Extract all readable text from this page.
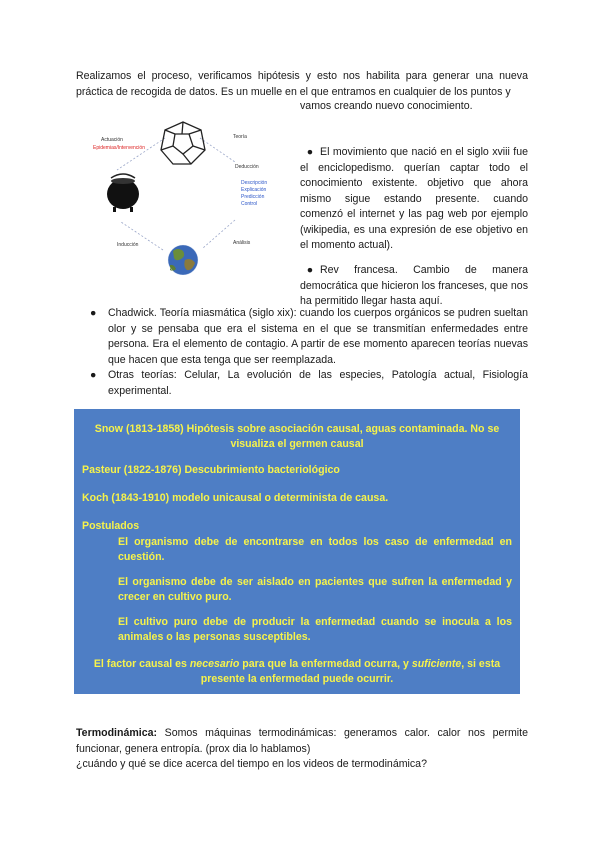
Realizamos el proceso, verificamos hipótesis y esto nos habilita para generar una nueva práctica de recogida de datos. Es un muelle en el que entramos en cualquier de los puntos y
vamos creando nuevo conocimiento.
Actuación
Epidemias/Intervención
Teoría
Deducción
Descripción
Explicación
Predicción
Control
Inducción	Análisis
● El movimiento que nació en el siglo xviii fue el enciclopedismo. querían captar todo el conocimiento existente. objetivo que ahora mismo sigue estando presente. cuando comenzó el internet y las pag web por ejemplo (wikipedia, es una expresión de ese objetivo en el momento actual).
● Rev francesa. Cambio de manera democrática que hicieron los franceses, que nos ha permitido llegar hasta aquí.
●	Chadwick. Teoría miasmática (siglo xix): cuando los cuerpos orgánicos se pudren sueltan olor y se pensaba que era el sistema en el que se transmitían enfermedades entre persona. Era el elemento de contagio. A partir de ese momento aparecen teorías nuevas que hacen que esta tenga que ser reemplazada.
●	Otras teorías: Celular, La evolución de las especies, Patología actual, Fisiología experimental.
Snow (1813-1858) Hipótesis sobre asociación causal, aguas contaminada. No se visualiza el germen causal
Pasteur (1822-1876) Descubrimiento bacteriológico
Koch (1843-1910) modelo unicausal o determinista de causa.
Postulados
El organismo debe de encontrarse en todos los caso de enfermedad en cuestión.
El organismo debe de ser aislado en pacientes que sufren la enfermedad y crecer en cultivo puro.
El cultivo puro debe de producir la enfermedad cuando se inocula a los animales o las personas susceptibles.
El factor causal es necesario para que la enfermedad ocurra, y suficiente, si esta presente la enfermedad puede ocurrir.
Termodinámica: Somos máquinas termodinámicas: generamos calor. calor nos permite funcionar, genera entropía. (prox dia lo hablamos)
¿cuándo y qué se dice acerca del tiempo en los videos de termodinámica?
